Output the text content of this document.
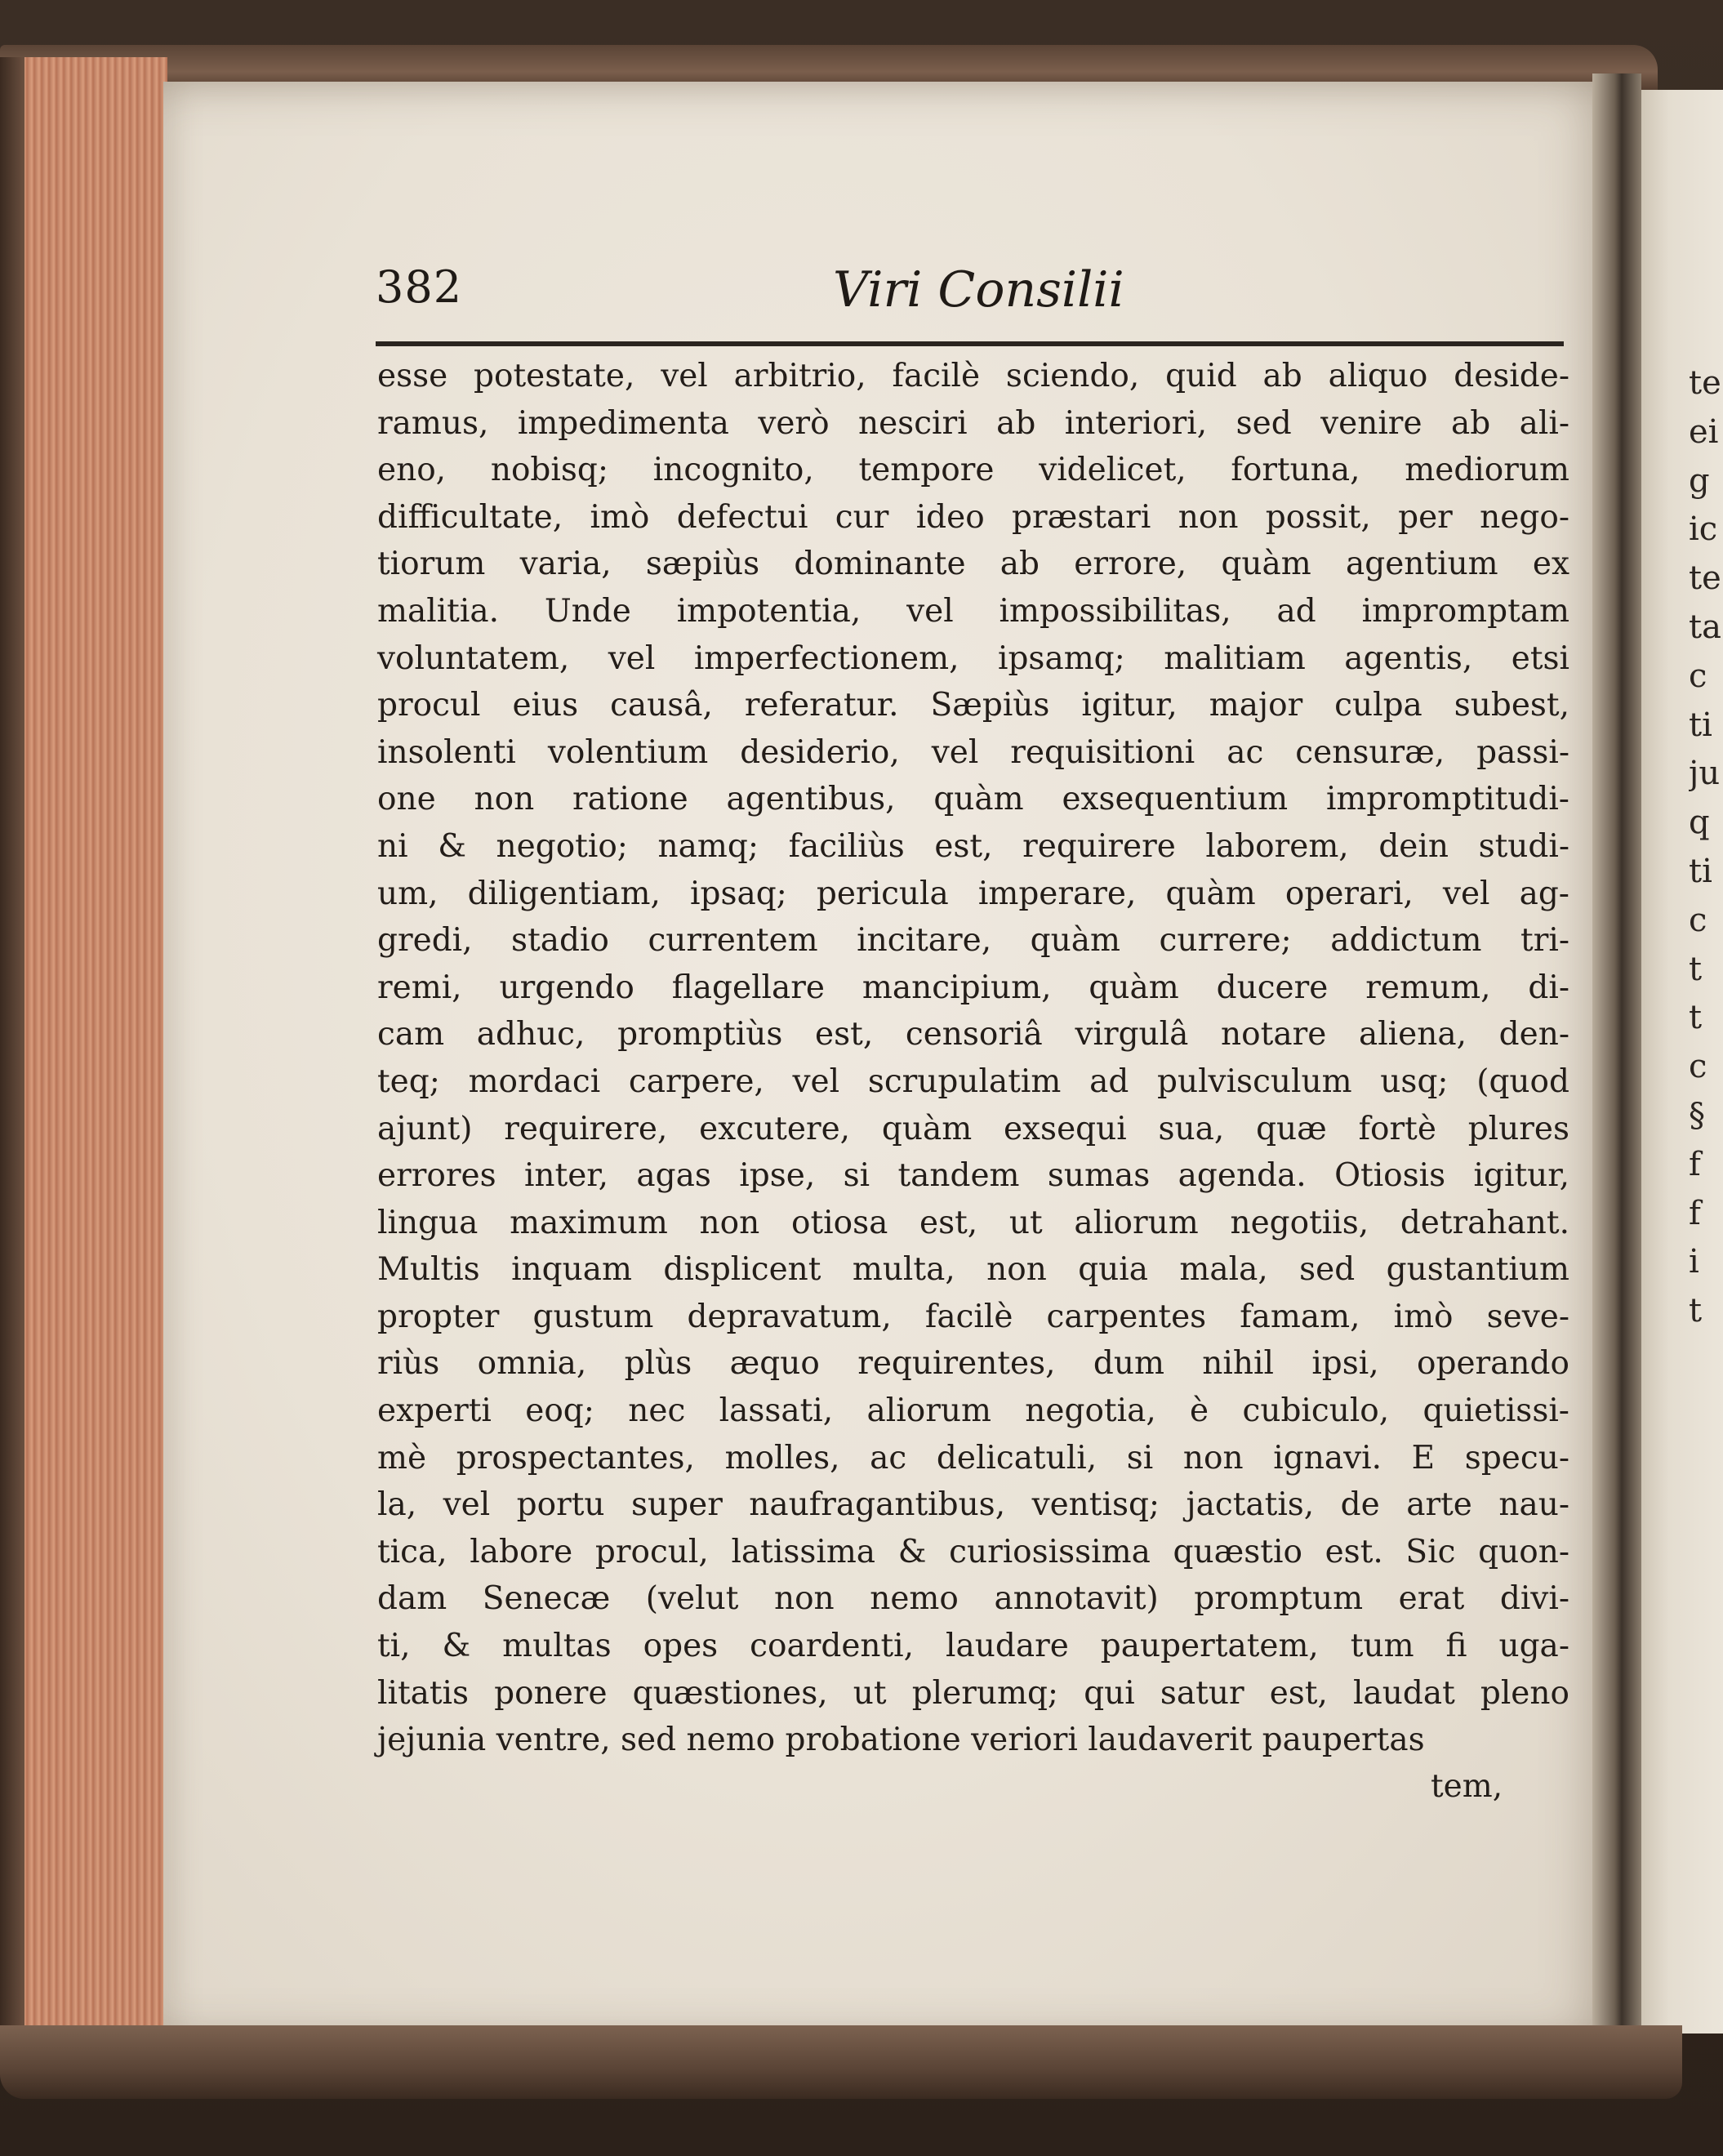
382	Viri Consilii
esse potestate, vel arbitrio, facilè sciendo, quid ab aliquo deside-
ramus, impedimenta verò nesciri ab interiori, sed venire ab ali-
eno, nobisq; incognito, tempore videlicet, fortuna, mediorum
difficultate, imò defectui cur ideo præstari non possit, per nego-
tiorum varia, sæpiùs dominante ab errore, quàm agentium ex
malitia. Unde impotentia, vel impossibilitas, ad impromptam
voluntatem, vel imperfectionem, ipsamq; malitiam agentis, etsi
procul eius causâ, referatur. Sæpiùs igitur, major culpa subest,
insolenti volentium desiderio, vel requisitioni ac censuræ, passi-
one non ratione agentibus, quàm exsequentium impromptitudi-
ni & negotio; namq; faciliùs est, requirere laborem, dein studi-
um, diligentiam, ipsaq; pericula imperare, quàm operari, vel ag-
gredi, stadio currentem incitare, quàm currere; addictum tri-
remi, urgendo flagellare mancipium, quàm ducere remum, di-
cam adhuc, promptiùs est, censoriâ virgulâ notare aliena, den-
teq; mordaci carpere, vel scrupulatim ad pulvisculum usq; (quod
ajunt) requirere, excutere, quàm exsequi sua, quæ fortè plures
errores inter, agas ipse, si tandem sumas agenda. Otiosis igitur,
lingua maximum non otiosa est, ut aliorum negotiis, detrahant.
Multis inquam displicent multa, non quia mala, sed gustantium
propter gustum depravatum, facilè carpentes famam, imò seve-
riùs omnia, plùs æquo requirentes, dum nihil ipsi, operando
experti eoq; nec lassati, aliorum negotia, è cubiculo, quietissi-
mè prospectantes, molles, ac delicatuli, si non ignavi. E specu-
la, vel portu super naufragantibus, ventisq; jactatis, de arte nau-
tica, labore procul, latissima & curiosissima quæstio est. Sic quon-
dam Senecæ (velut non nemo annotavit) promptum erat divi-
ti, & multas opes coardenti, laudare paupertatem, tum fi uga-
litatis ponere quæstiones, ut plerumq; qui satur est, laudat pleno
jejunia ventre, sed nemo probatione veriori laudaverit paupertas
tem,
te
ei
g
ic
te
ta
c
ti
ju
q
ti
c
t
t
c
§
f
f
i
t
